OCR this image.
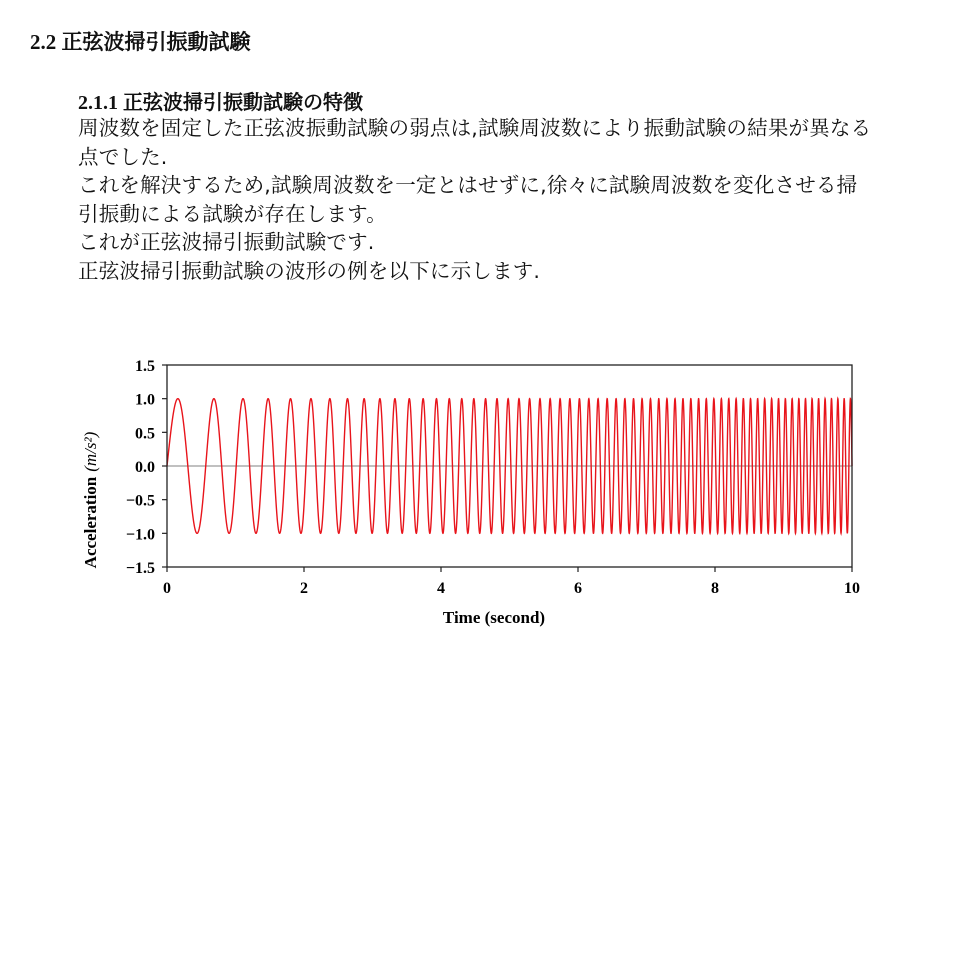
2.2 正弦波掃引振動試験
2.1.1 正弦波掃引振動試験の特徴

周波数を固定した正弦波振動試験の弱点は,試験周波数により振動試験の結果が異なる点でした.

これを解決するため,試験周波数を一定とはせずに,徐々に試験周波数を変化させる掃引振動による試験が存在します。

これが正弦波掃引振動試験です.

正弦波掃引振動試験の波形の例を以下に示します.

−1.5
−1.0
−0.5
0.0
0.5
1.0
1.5
0	2	4	6	8	10
Time (second)
Acceleration(m/s²)
